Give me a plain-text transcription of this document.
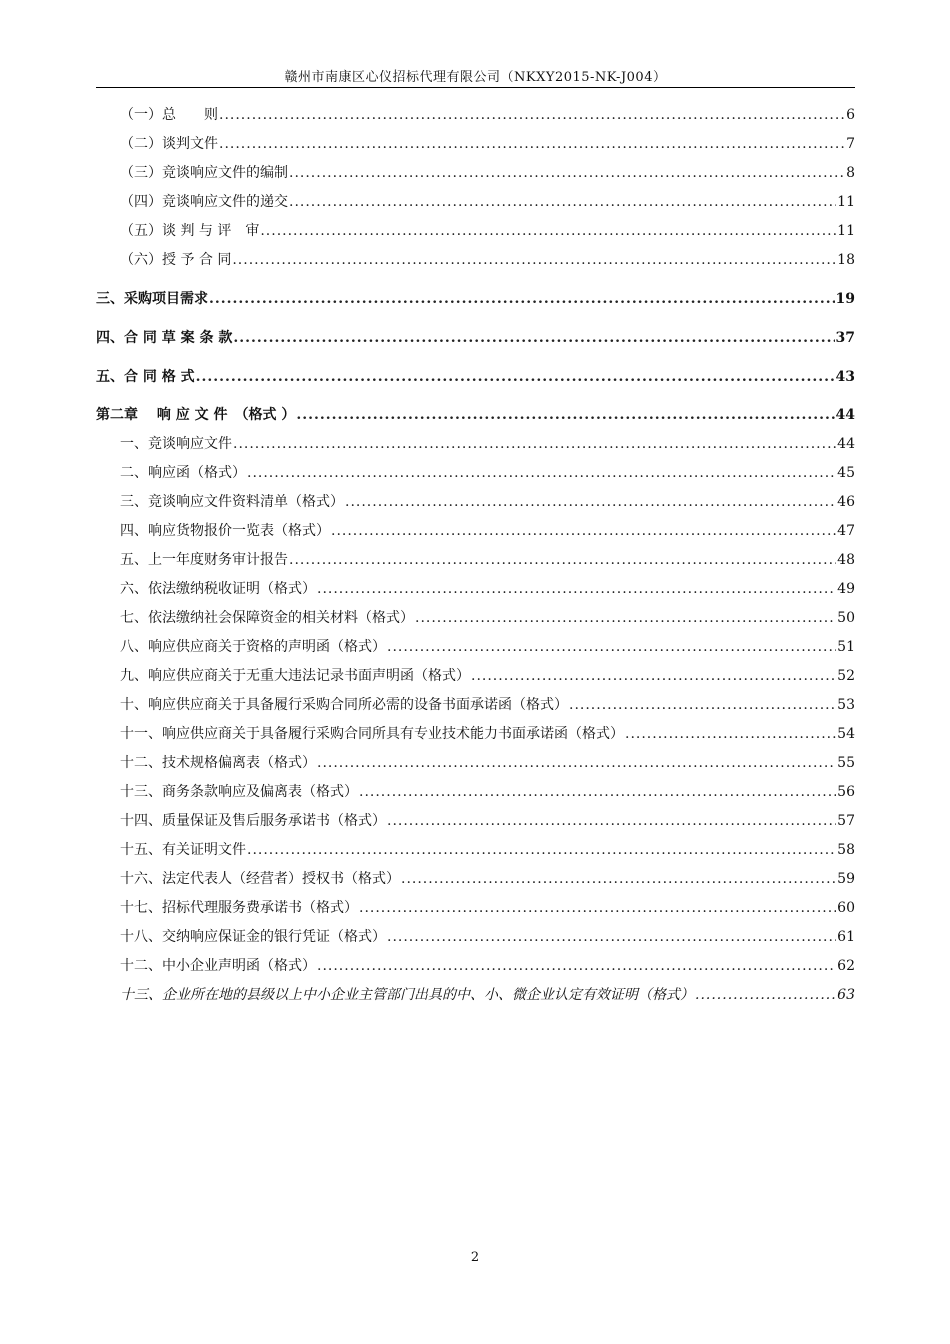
赣州市南康区心仪招标代理有限公司（NKXY2015-NK-J004）
（一）总　　则 .....	6
（二）谈判文件 .....	7
（三）竞谈响应文件的编制 .....	8
（四）竞谈响应文件的递交 .....	11
（五）谈 判 与 评　审 .....	11
（六）授 予 合 同 .....	18
三、采购项目需求 .....	19
四、合 同 草 案 条 款 .....	37
五、合 同 格 式 .....	43
第二章　 响 应 文 件　（格式 ） .....	44
一、竞谈响应文件 .....	44
二、响应函（格式） .....	45
三、竞谈响应文件资料清单（格式） .....	46
四、响应货物报价一览表（格式） .....	47
五、上一年度财务审计报告 .....	48
六、依法缴纳税收证明（格式） .....	49
七、依法缴纳社会保障资金的相关材料（格式） .....	50
八、响应供应商关于资格的声明函（格式） .....	51
九、响应供应商关于无重大违法记录书面声明函（格式） .....	52
十、响应供应商关于具备履行采购合同所必需的设备书面承诺函（格式） .....	53
十一、响应供应商关于具备履行采购合同所具有专业技术能力书面承诺函（格式） .....	54
十二、技术规格偏离表（格式） .....	55
十三、商务条款响应及偏离表（格式） .....	56
十四、质量保证及售后服务承诺书（格式） .....	57
十五、有关证明文件 .....	58
十六、法定代表人（经营者）授权书（格式） .....	59
十七、招标代理服务费承诺书（格式） .....	60
十八、交纳响应保证金的银行凭证（格式） .....	61
十二、中小企业声明函（格式） .....	62
十三、企业所在地的县级以上中小企业主管部门出具的中、小、微企业认定有效证明（格式） .....	63
2
